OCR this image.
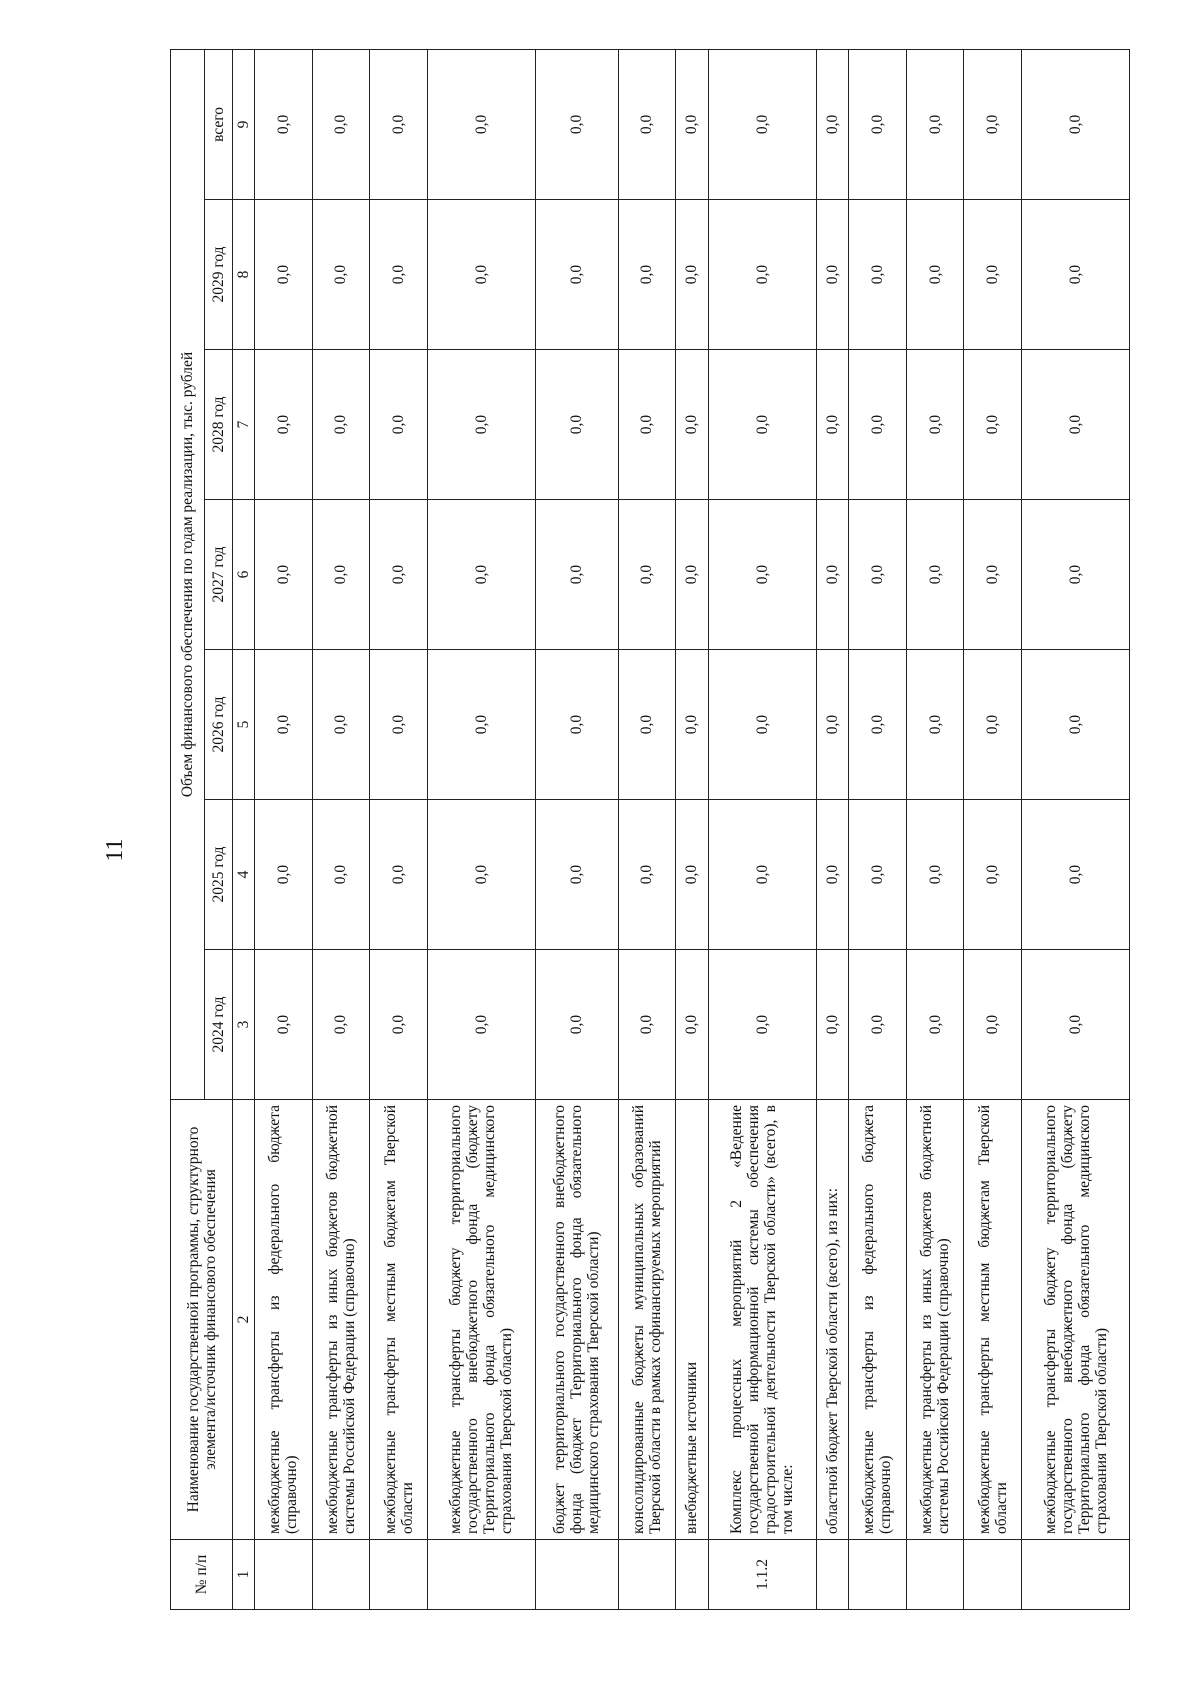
11
№ п/п	Наименование государственной программы, структурного элемента/источник финансового обеспечения	Объем финансового обеспечения по годам реализации, тыс. рублей						
		2024 год	2025 год	2026 год	2027 год	2028 год	2029 год	всего
1	2	3	4	5	6	7	8	9
	межбюджетные трансферты из федерального бюджета (справочно)	0,0	0,0	0,0	0,0	0,0	0,0	0,0
	межбюджетные трансферты из иных бюджетов бюджетной системы Российской Федерации (справочно)	0,0	0,0	0,0	0,0	0,0	0,0	0,0
	межбюджетные трансферты местным бюджетам Тверской области	0,0	0,0	0,0	0,0	0,0	0,0	0,0
	межбюджетные трансферты бюджету территориального государственного внебюджетного фонда (бюджету Территориального фонда обязательного медицинского страхования Тверской области)	0,0	0,0	0,0	0,0	0,0	0,0	0,0
	бюджет территориального государственного внебюджетного фонда (бюджет Территориального фонда обязательного медицинского страхования Тверской области)	0,0	0,0	0,0	0,0	0,0	0,0	0,0
	консолидированные бюджеты муниципальных образований Тверской области в рамках софинансируемых мероприятий	0,0	0,0	0,0	0,0	0,0	0,0	0,0
	внебюджетные источники	0,0	0,0	0,0	0,0	0,0	0,0	0,0
1.1.2	Комплекс процессных мероприятий 2 «Ведение государственной информационной системы обеспечения градостроительной деятельности Тверской области» (всего), в том числе:	0,0	0,0	0,0	0,0	0,0	0,0	0,0
	областной бюджет Тверской области (всего), из них:	0,0	0,0	0,0	0,0	0,0	0,0	0,0
	межбюджетные трансферты из федерального бюджета (справочно)	0,0	0,0	0,0	0,0	0,0	0,0	0,0
	межбюджетные трансферты из иных бюджетов бюджетной системы Российской Федерации (справочно)	0,0	0,0	0,0	0,0	0,0	0,0	0,0
	межбюджетные трансферты местным бюджетам Тверской области	0,0	0,0	0,0	0,0	0,0	0,0	0,0
	межбюджетные трансферты бюджету территориального государственного внебюджетного фонда (бюджету Территориального фонда обязательного медицинского страхования Тверской области)	0,0	0,0	0,0	0,0	0,0	0,0	0,0
